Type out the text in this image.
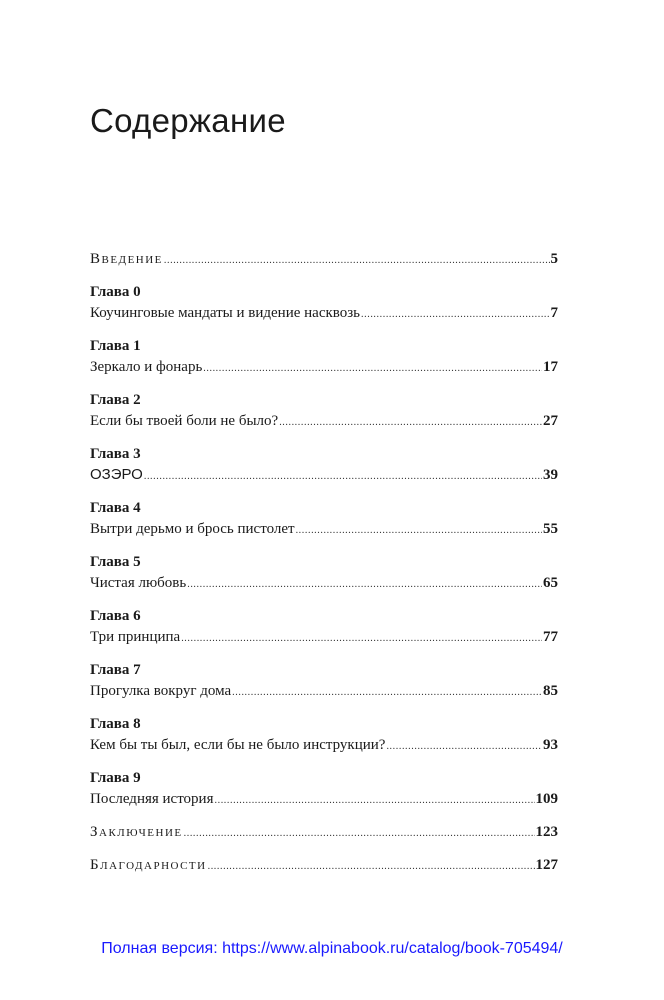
Содержание
Введение .....	5
Глава 0
Коучинговые мандаты и видение насквозь .....	7
Глава 1
Зеркало и фонарь .....	17
Глава 2
Если бы твоей боли не было? .....	27
Глава 3
ОЗЭРО .....	39
Глава 4
Вытри дерьмо и брось пистолет .....	55
Глава 5
Чистая любовь .....	65
Глава 6
Три принципа .....	77
Глава 7
Прогулка вокруг дома .....	85
Глава 8
Кем бы ты был, если бы не было инструкции? .....	93
Глава 9
Последняя история .....	109
Заключение .....	123
Благодарности .....	127
Полная версия: https://www.alpinabook.ru/catalog/book-705494/
